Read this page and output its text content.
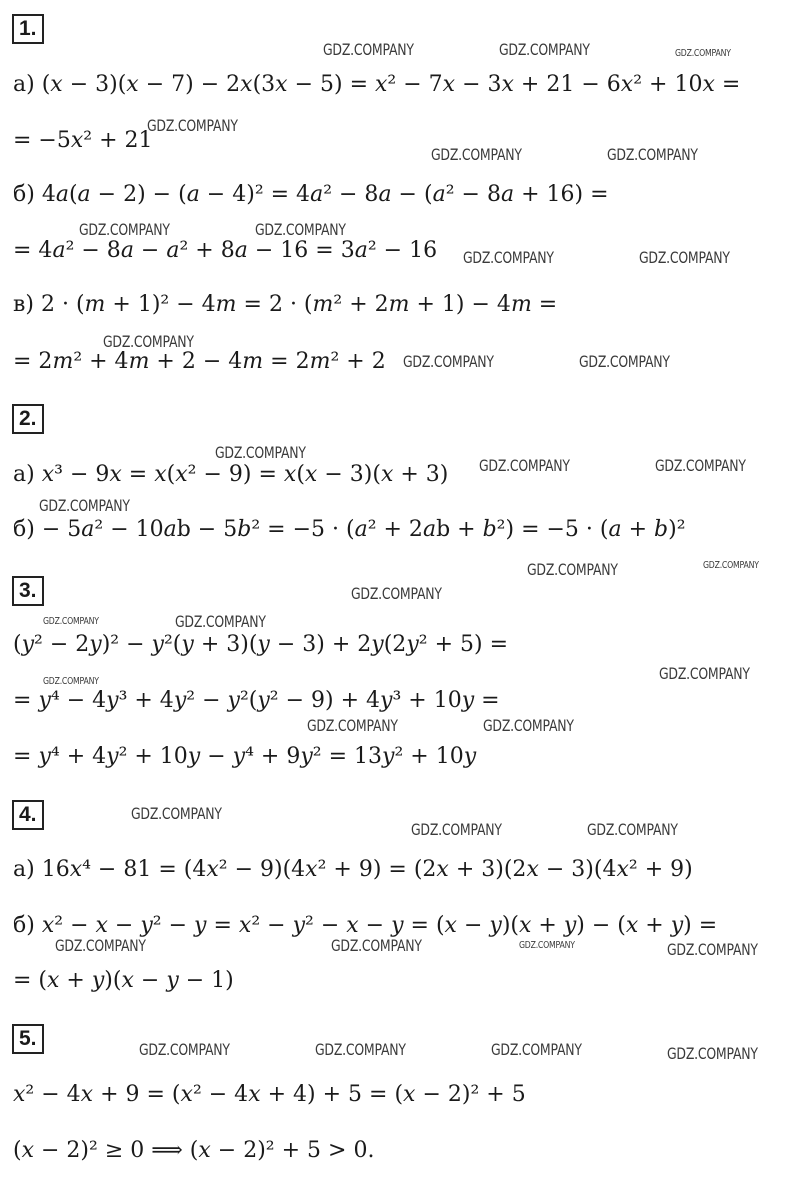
1.
2.
3.
4.
5.
а) (x − 3)(x − 7) − 2x(3x − 5) = x² − 7x − 3x + 21 − 6x² + 10x =
= −5x² + 21
б) 4a(a − 2) − (a − 4)² = 4a² − 8a − (a² − 8a + 16) =
= 4a² − 8a − a² + 8a − 16 = 3a² − 16
в) 2 · (m + 1)² − 4m = 2 · (m² + 2m + 1) − 4m =
= 2m² + 4m + 2 − 4m = 2m² + 2
а) x³ − 9x = x(x² − 9) = x(x − 3)(x + 3)
б) − 5a² − 10ab − 5b² = −5 · (a² + 2ab + b²) = −5 · (a + b)²
(y² − 2y)² − y²(y + 3)(y − 3) + 2y(2y² + 5) =
= y⁴ − 4y³ + 4y² − y²(y² − 9) + 4y³ + 10y =
= y⁴ + 4y² + 10y − y⁴ + 9y² = 13y² + 10y
а) 16x⁴ − 81 = (4x² − 9)(4x² + 9) = (2x + 3)(2x − 3)(4x² + 9)
б) x² − x − y² − y = x² − y² − x − y = (x − y)(x + y) − (x + y) =
= (x + y)(x − y − 1)
x² − 4x + 9 = (x² − 4x + 4) + 5 = (x − 2)² + 5
(x − 2)² ≥ 0 ⟹ (x − 2)² + 5 > 0.
GDZ.COMPANY	GDZ.COMPANY	GDZ.COMPANY
GDZ.COMPANY
GDZ.COMPANY	GDZ.COMPANY
GDZ.COMPANY	GDZ.COMPANY
GDZ.COMPANY	GDZ.COMPANY
GDZ.COMPANY
GDZ.COMPANY	GDZ.COMPANY
GDZ.COMPANY
GDZ.COMPANY	GDZ.COMPANY
GDZ.COMPANY
GDZ.COMPANY	GDZ.COMPANY
GDZ.COMPANY
GDZ.COMPANY	GDZ.COMPANY
GDZ.COMPANY
GDZ.COMPANY
GDZ.COMPANY	GDZ.COMPANY
GDZ.COMPANY
GDZ.COMPANY	GDZ.COMPANY
GDZ.COMPANY	GDZ.COMPANY	GDZ.COMPANY	GDZ.COMPANY
GDZ.COMPANY	GDZ.COMPANY	GDZ.COMPANY	GDZ.COMPANY
